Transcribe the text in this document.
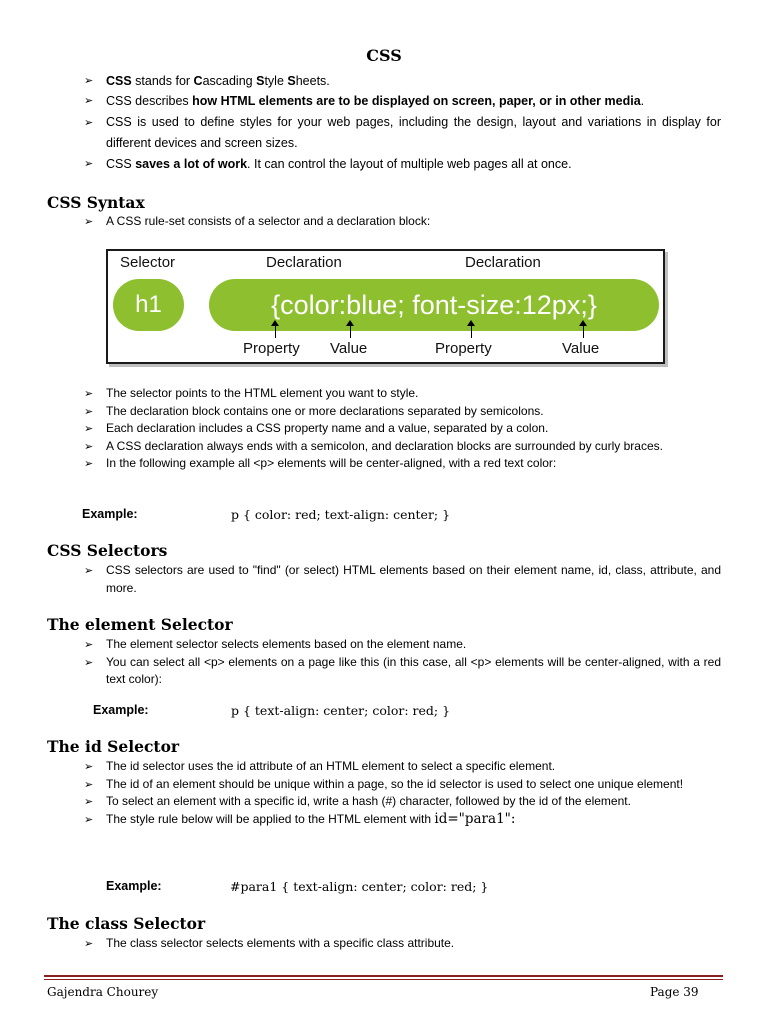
CSS
➢ CSS stands for Cascading Style Sheets.
➢ CSS describes how HTML elements are to be displayed on screen, paper, or in other media.
➢ CSS is used to define styles for your web pages, including the design, layout and variations in display for different devices and screen sizes.
➢ CSS saves a lot of work. It can control the layout of multiple web pages all at once.
CSS Syntax
➢ A CSS rule-set consists of a selector and a declaration block:
Selector	Declaration	Declaration
h1	{color:blue; font-size:12px;}
Property Value	Property	Value
➢ The selector points to the HTML element you want to style.
➢ The declaration block contains one or more declarations separated by semicolons.
➢ Each declaration includes a CSS property name and a value, separated by a colon.
➢ A CSS declaration always ends with a semicolon, and declaration blocks are surrounded by curly braces.
➢ In the following example all <p> elements will be center-aligned, with a red text color:
Example:	p { color: red; text-align: center; }
CSS Selectors
➢ CSS selectors are used to "find" (or select) HTML elements based on their element name, id, class, attribute, and more.
The element Selector
➢ The element selector selects elements based on the element name.
➢ You can select all <p> elements on a page like this (in this case, all <p> elements will be center-aligned, with a red text color):
Example:	p { text-align: center; color: red; }
The id Selector
➢ The id selector uses the id attribute of an HTML element to select a specific element.
➢ The id of an element should be unique within a page, so the id selector is used to select one unique element!
➢ To select an element with a specific id, write a hash (#) character, followed by the id of the element.
➢ The style rule below will be applied to the HTML element with id="para1":
Example:	#para1 { text-align: center; color: red; }
The class Selector
➢ The class selector selects elements with a specific class attribute.
Gajendra Chourey	Page 39
